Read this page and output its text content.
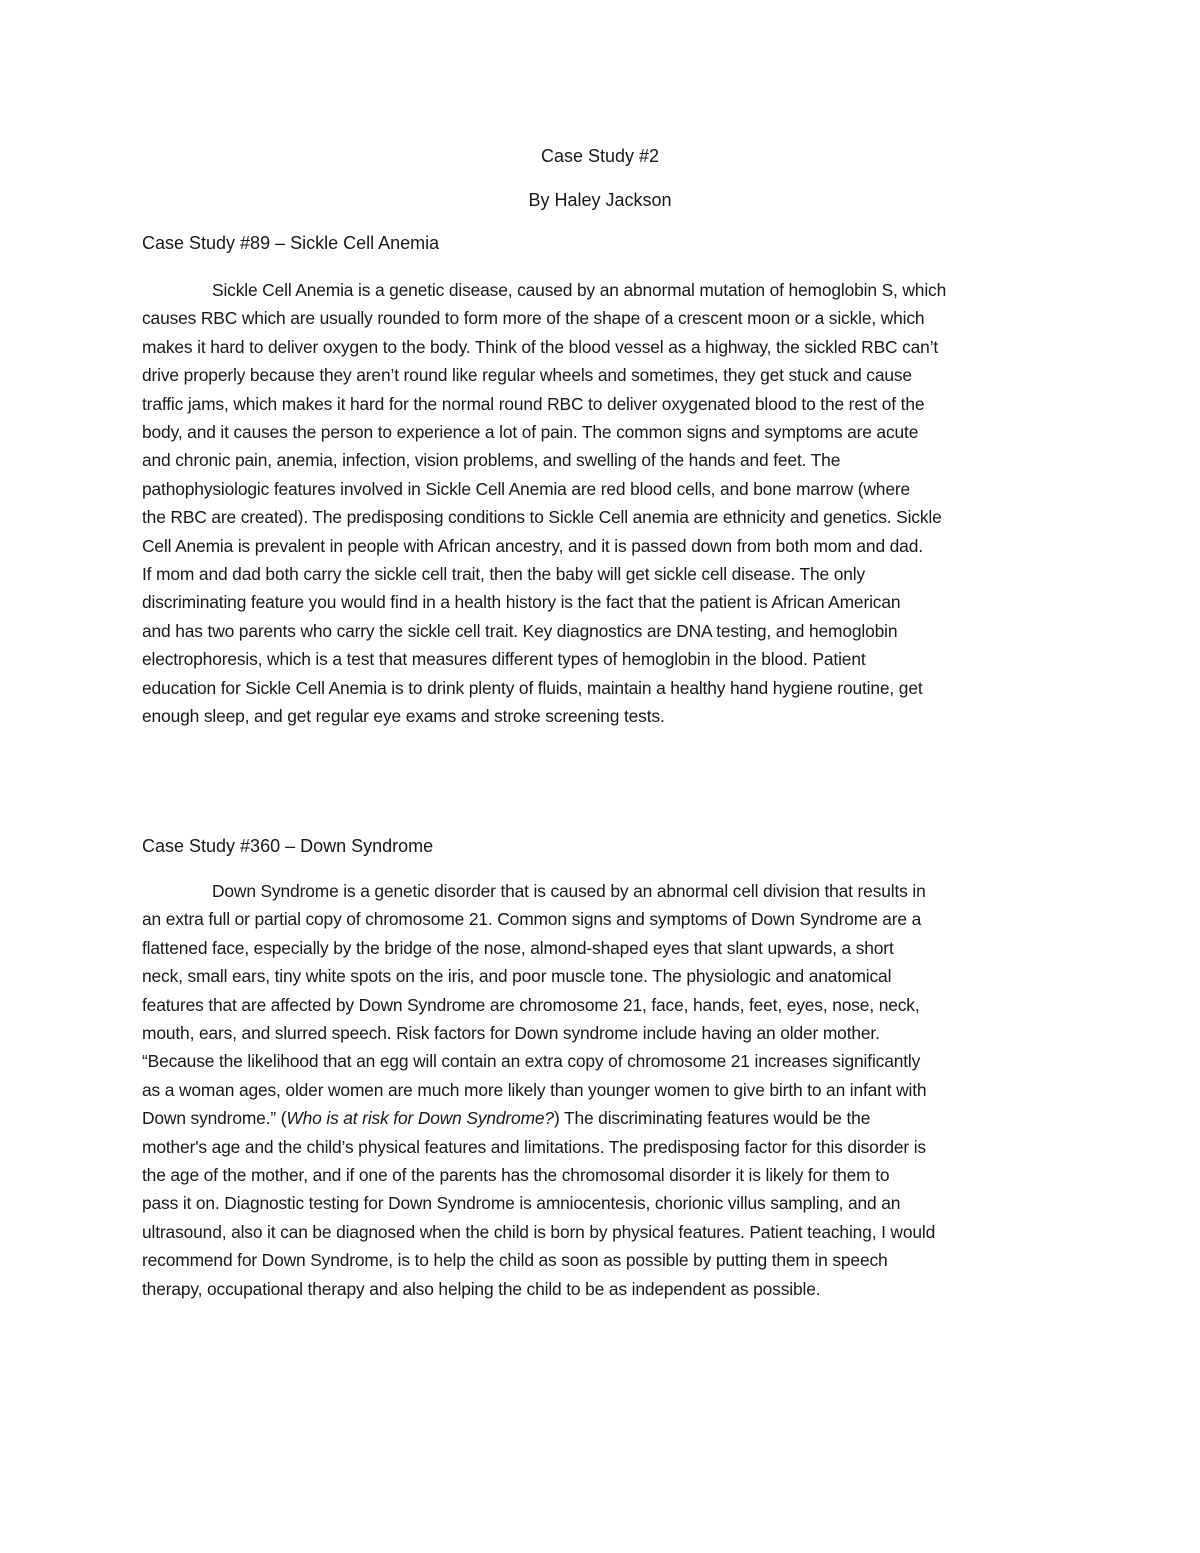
Case Study #2

By Haley Jackson

Case Study #89 – Sickle Cell Anemia
Sickle Cell Anemia is a genetic disease, caused by an abnormal mutation of hemoglobin S, which
causes RBC which are usually rounded to form more of the shape of a crescent moon or a sickle, which
makes it hard to deliver oxygen to the body. Think of the blood vessel as a highway, the sickled RBC can’t
drive properly because they aren’t round like regular wheels and sometimes, they get stuck and cause
traffic jams, which makes it hard for the normal round RBC to deliver oxygenated blood to the rest of the
body, and it causes the person to experience a lot of pain. The common signs and symptoms are acute
and chronic pain, anemia, infection, vision problems, and swelling of the hands and feet. The
pathophysiologic features involved in Sickle Cell Anemia are red blood cells, and bone marrow (where
the RBC are created). The predisposing conditions to Sickle Cell anemia are ethnicity and genetics. Sickle
Cell Anemia is prevalent in people with African ancestry, and it is passed down from both mom and dad.
If mom and dad both carry the sickle cell trait, then the baby will get sickle cell disease. The only
discriminating feature you would find in a health history is the fact that the patient is African American
and has two parents who carry the sickle cell trait. Key diagnostics are DNA testing, and hemoglobin
electrophoresis, which is a test that measures different types of hemoglobin in the blood. Patient
education for Sickle Cell Anemia is to drink plenty of fluids, maintain a healthy hand hygiene routine, get
enough sleep, and get regular eye exams and stroke screening tests.
Case Study #360 – Down Syndrome
Down Syndrome is a genetic disorder that is caused by an abnormal cell division that results in
an extra full or partial copy of chromosome 21. Common signs and symptoms of Down Syndrome are a
flattened face, especially by the bridge of the nose, almond-shaped eyes that slant upwards, a short
neck, small ears, tiny white spots on the iris, and poor muscle tone. The physiologic and anatomical
features that are affected by Down Syndrome are chromosome 21, face, hands, feet, eyes, nose, neck,
mouth, ears, and slurred speech. Risk factors for Down syndrome include having an older mother.
“Because the likelihood that an egg will contain an extra copy of chromosome 21 increases significantly
as a woman ages, older women are much more likely than younger women to give birth to an infant with
Down syndrome.” (Who is at risk for Down Syndrome?) The discriminating features would be the
mother's age and the child’s physical features and limitations. The predisposing factor for this disorder is
the age of the mother, and if one of the parents has the chromosomal disorder it is likely for them to
pass it on. Diagnostic testing for Down Syndrome is amniocentesis, chorionic villus sampling, and an
ultrasound, also it can be diagnosed when the child is born by physical features. Patient teaching, I would
recommend for Down Syndrome, is to help the child as soon as possible by putting them in speech
therapy, occupational therapy and also helping the child to be as independent as possible.
